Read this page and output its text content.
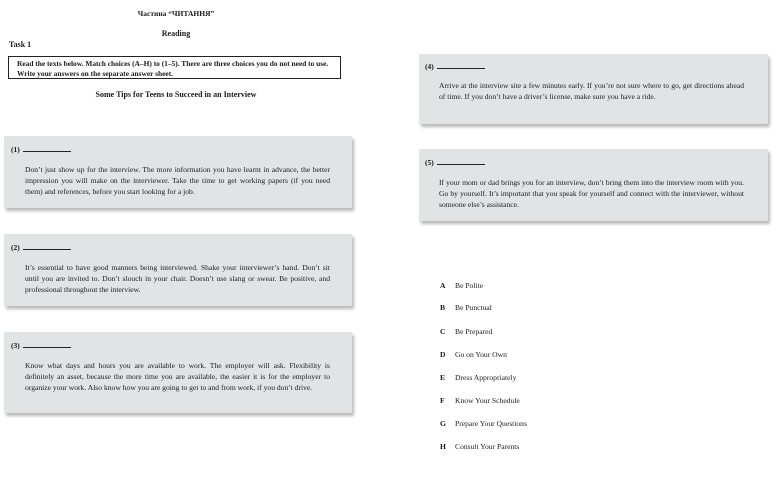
Частина “ЧИТАННЯ”
Reading
Task 1
Read the texts below. Match choices (A–H) to (1–5). There are three choices you do not need to use. Write your answers on the separate answer sheet.
Some Tips for Teens to Succeed in an Interview
(1)
Don’t just show up for the interview. The more information you have learnt in advance, the better impression you will make on the interviewer. Take the time to get working papers (if you need them) and references, before you start looking for a job.
(2)
It’s essential to have good manners being interviewed. Shake your interviewer’s hand. Don’t sit until you are invited to. Don’t slouch in your chair. Doesn’t use slang or swear. Be positive, and professional throughout the interview.
(3)
Know what days and hours you are available to work. The employer will ask. Flexibility is definitely an asset, because the more time you are available, the easier it is for the employer to organize your work. Also know how you are going to get to and from work, if you don’t drive.
(4)
Arrive at the interview site a few minutes early. If you’re not sure where to go, get directions ahead of time. If you don’t have a driver’s license, make sure you have a ride.
(5)
If your mom or dad brings you for an interview, don’t bring them into the interview room with you. Go by yourself. It’s important that you speak for yourself and connect with the interviewer, without someone else’s assistance.
A Be Polite
B Be Punctual
C Be Prepared
D Go on Your Own
E Dress Appropriately
F Know Your Schedule
G Prepare Your Questions
H Consult Your Parents
